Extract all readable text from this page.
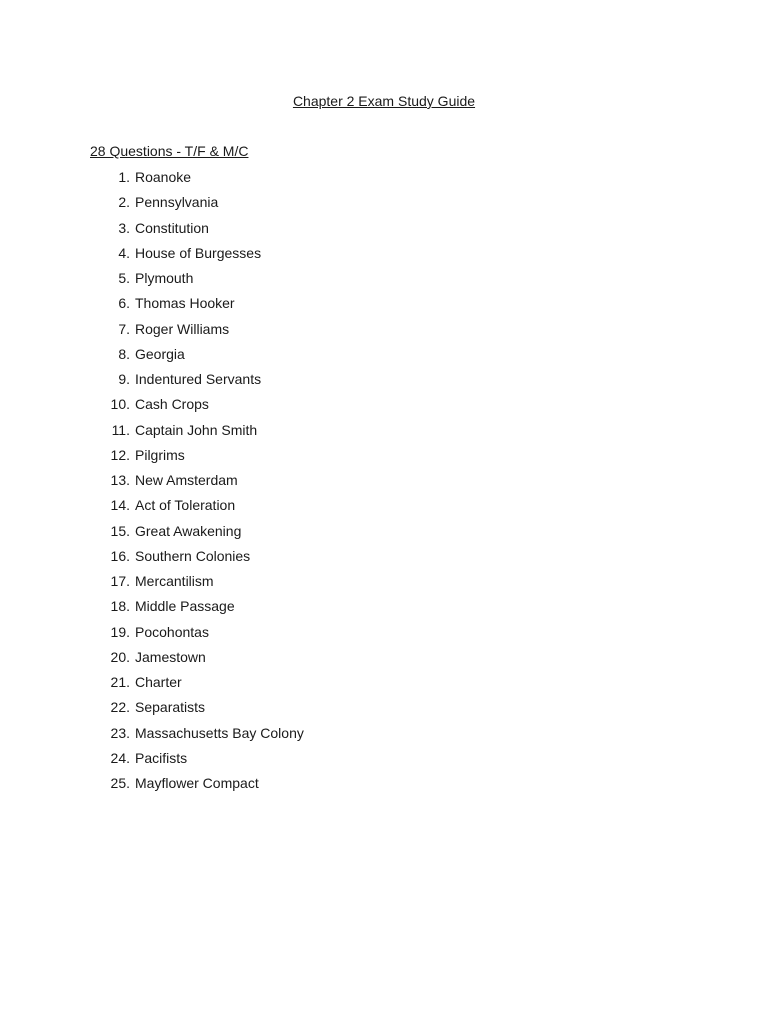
Chapter 2 Exam Study Guide
28 Questions - T/F & M/C
1. Roanoke
2. Pennsylvania
3. Constitution
4. House of Burgesses
5. Plymouth
6. Thomas Hooker
7. Roger Williams
8. Georgia
9. Indentured Servants
10. Cash Crops
11. Captain John Smith
12. Pilgrims
13. New Amsterdam
14. Act of Toleration
15. Great Awakening
16. Southern Colonies
17. Mercantilism
18. Middle Passage
19. Pocohontas
20. Jamestown
21. Charter
22. Separatists
23. Massachusetts Bay Colony
24. Pacifists
25. Mayflower Compact
